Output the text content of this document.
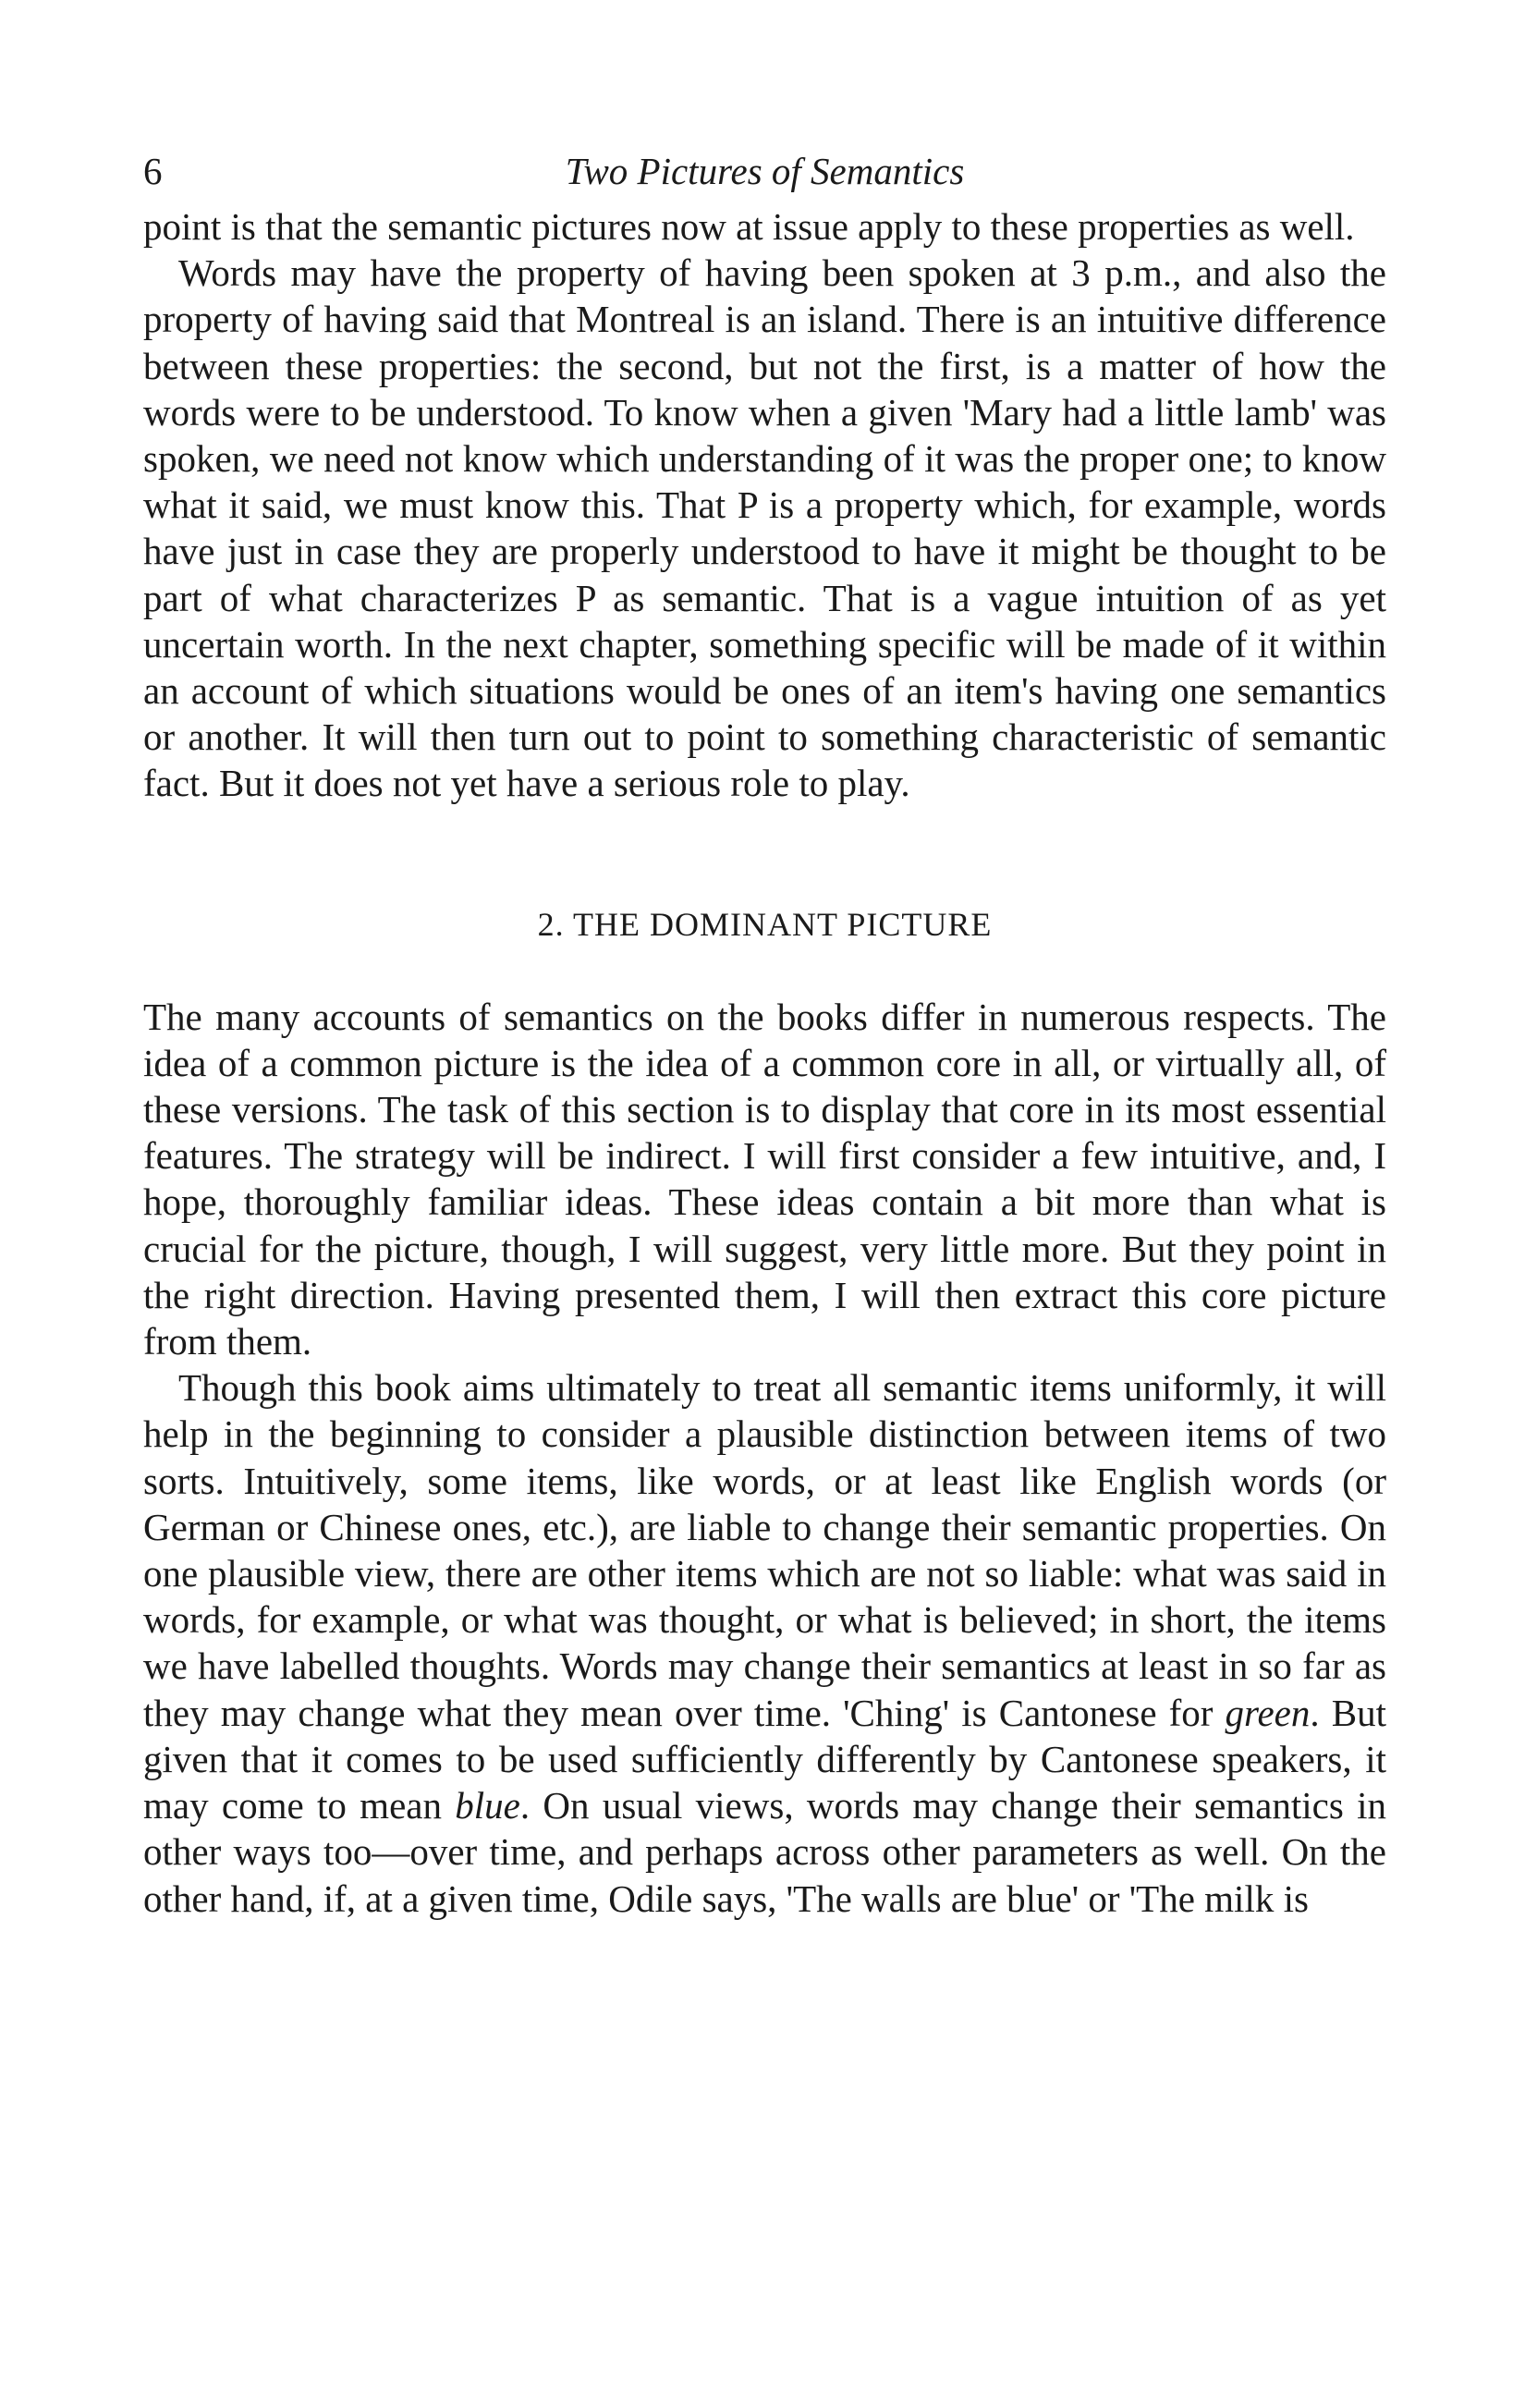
6	Two Pictures of Semantics

point is that the semantic pictures now at issue apply to these properties as well.

Words may have the property of having been spoken at 3 p.m., and also the property of having said that Montreal is an island. There is an intuitive difference between these properties: the second, but not the first, is a matter of how the words were to be understood. To know when a given 'Mary had a little lamb' was spoken, we need not know which understanding of it was the proper one; to know what it said, we must know this. That P is a property which, for example, words have just in case they are properly understood to have it might be thought to be part of what characterizes P as semantic. That is a vague intuition of as yet uncertain worth. In the next chapter, something specific will be made of it within an account of which situations would be ones of an item's having one semantics or another. It will then turn out to point to something characteristic of semantic fact. But it does not yet have a serious role to play.

2. THE DOMINANT PICTURE

The many accounts of semantics on the books differ in numerous respects. The idea of a common picture is the idea of a common core in all, or virtually all, of these versions. The task of this section is to display that core in its most essential features. The strategy will be indirect. I will first consider a few intuitive, and, I hope, thoroughly familiar ideas. These ideas contain a bit more than what is crucial for the picture, though, I will suggest, very little more. But they point in the right direction. Having presented them, I will then extract this core picture from them.

Though this book aims ultimately to treat all semantic items uniformly, it will help in the beginning to consider a plausible distinction between items of two sorts. Intuitively, some items, like words, or at least like English words (or German or Chinese ones, etc.), are liable to change their semantic properties. On one plausible view, there are other items which are not so liable: what was said in words, for example, or what was thought, or what is believed; in short, the items we have labelled thoughts. Words may change their semantics at least in so far as they may change what they mean over time. 'Ching' is Cantonese for green. But given that it comes to be used sufficiently differently by Cantonese speakers, it may come to mean blue. On usual views, words may change their semantics in other ways too—over time, and perhaps across other parameters as well. On the other hand, if, at a given time, Odile says, 'The walls are blue' or 'The milk is
